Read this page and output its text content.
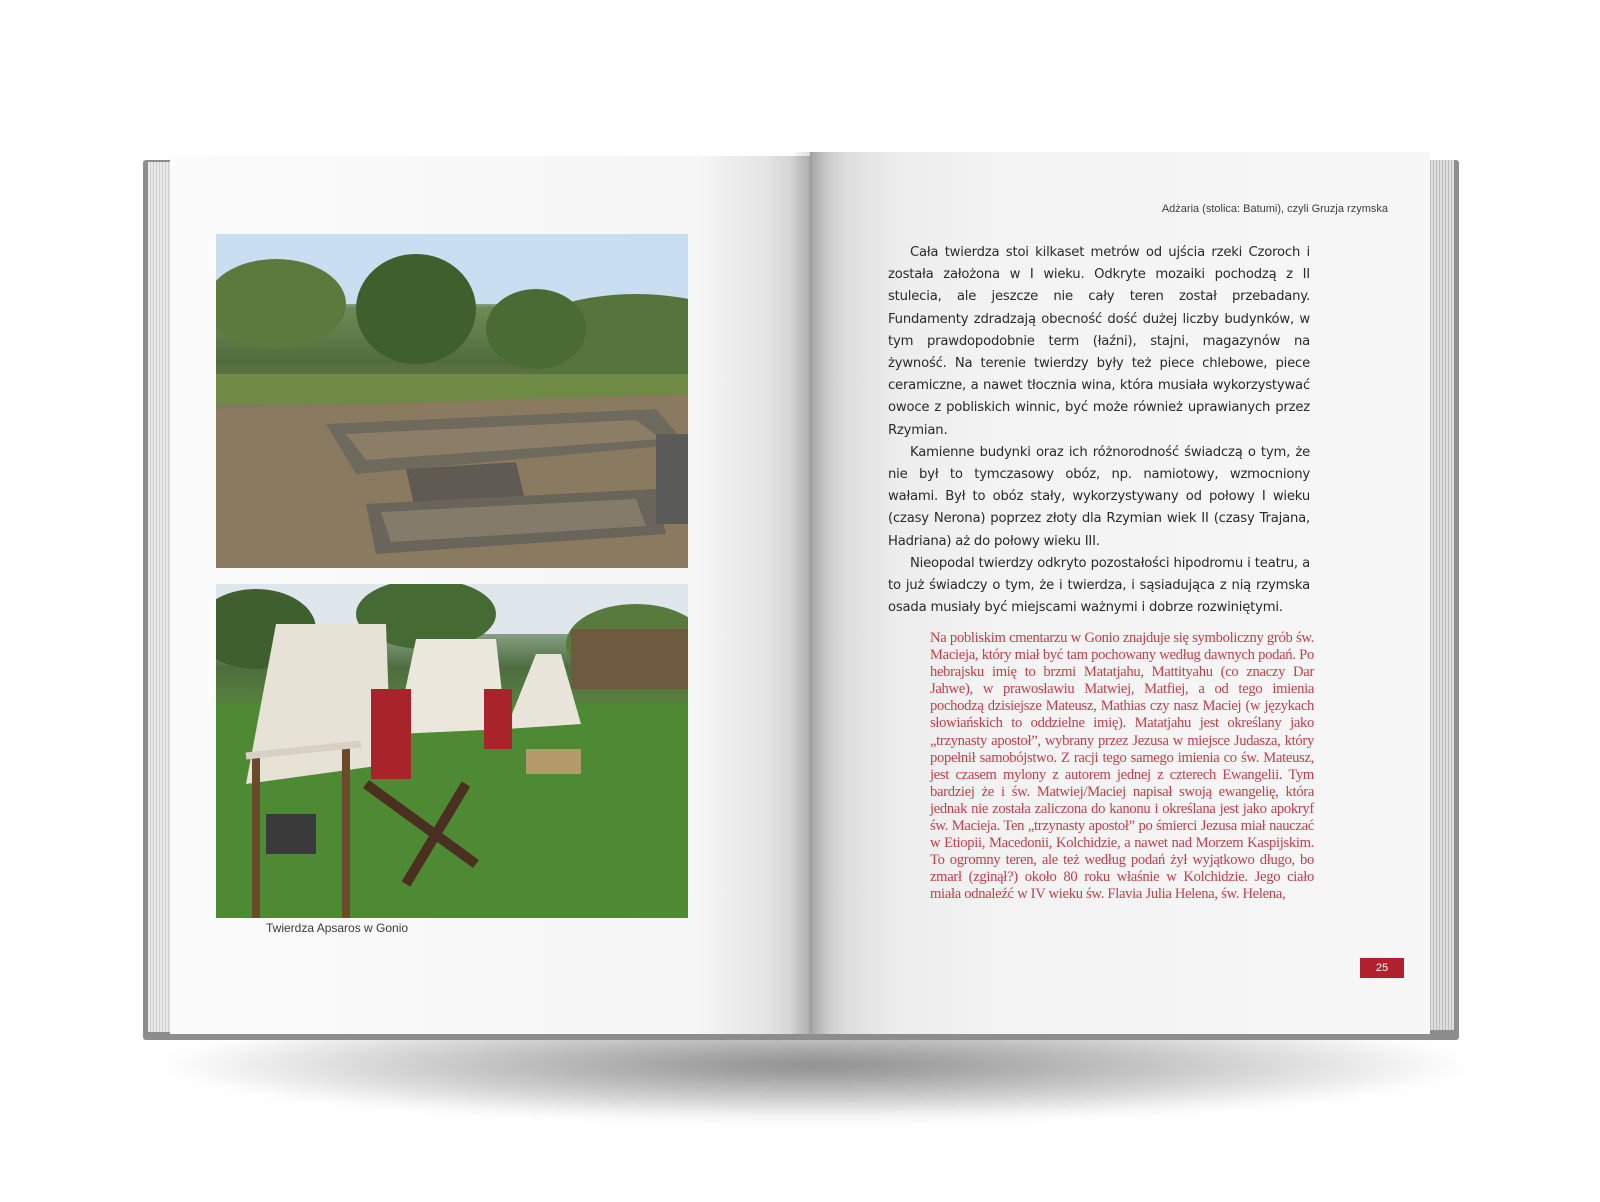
Twierdza Apsaros w Gonio
Adżaria (stolica: Batumi), czyli Gruzja rzymska

Cała twierdza stoi kilkaset metrów od ujścia rzeki Czoroch i została założona w I wieku. Odkryte mozaiki pochodzą z II stulecia, ale jeszcze nie cały teren został przebadany. Fundamenty zdradzają obecność dość dużej liczby budynków, w tym prawdopodobnie term (łaźni), stajni, magazynów na żywność. Na terenie twierdzy były też piece chlebowe, piece ceramiczne, a nawet tłocznia wina, która musiała wykorzystywać owoce z pobliskich winnic, być może również uprawianych przez Rzymian.

Kamienne budynki oraz ich różnorodność świadczą o tym, że nie był to tymczasowy obóz, np. namiotowy, wzmocniony wałami. Był to obóz stały, wykorzystywany od połowy I wieku (czasy Nerona) poprzez złoty dla Rzymian wiek II (czasy Trajana, Hadriana) aż do połowy wieku III.

Nieopodal twierdzy odkryto pozostałości hipodromu i teatru, a to już świadczy o tym, że i twierdza, i sąsiadująca z nią rzymska osada musiały być miejscami ważnymi i dobrze rozwiniętymi.

Na pobliskim cmentarzu w Gonio znajduje się symboliczny grób św. Macieja, który miał być tam pochowany według dawnych podań. Po hebrajsku imię to brzmi Matatjahu, Mattityahu (co znaczy Dar Jahwe), w prawosławiu Matwiej, Matfiej, a od tego imienia pochodzą dzisiejsze Mateusz, Mathias czy nasz Maciej (w językach słowiańskich to oddzielne imię). Matatjahu jest określany jako „trzynasty apostoł”, wybrany przez Jezusa w miejsce Judasza, który popełnił samobójstwo. Z racji tego samego imienia co św. Mateusz, jest czasem mylony z autorem jednej z czterech Ewangelii. Tym bardziej że i św. Matwiej/Maciej napisał swoją ewangelię, która jednak nie została zaliczona do kanonu i określana jest jako apokryf św. Macieja. Ten „trzynasty apostoł” po śmierci Jezusa miał nauczać w Etiopii, Macedonii, Kolchidzie, a nawet nad Morzem Kaspijskim. To ogromny teren, ale też według podań żył wyjątkowo długo, bo zmarł (zginął?) około 80 roku właśnie w Kolchidzie. Jego ciało miała odnaleźć w IV wieku św. Flavia Julia Helena, św. Helena,

25
